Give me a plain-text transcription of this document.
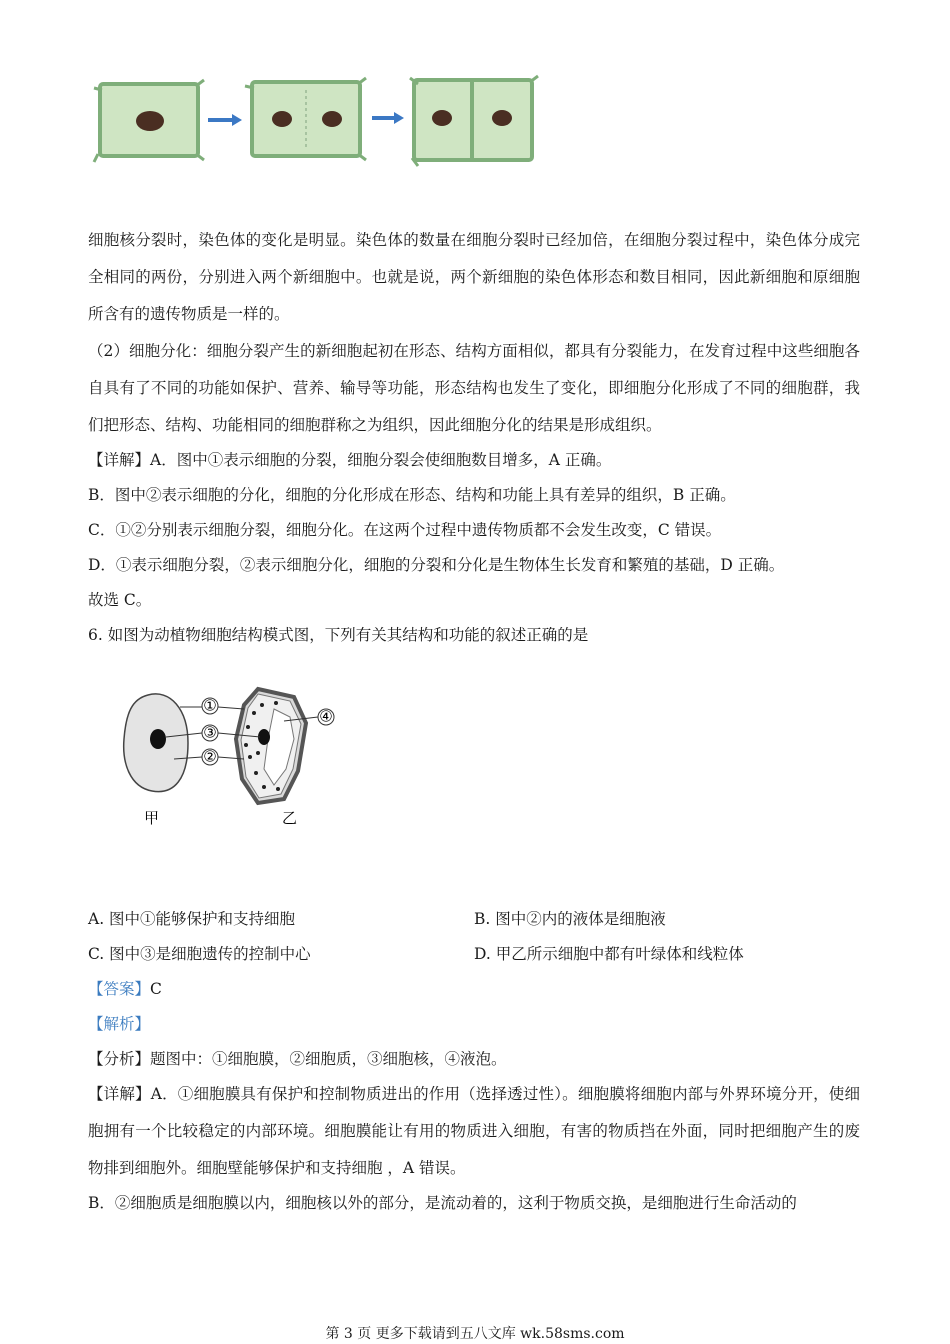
细胞核分裂时，染色体的变化是明显。染色体的数量在细胞分裂时已经加倍，在细胞分裂过程中，染色体分成完全相同的两份，分别进入两个新细胞中。也就是说，两个新细胞的染色体形态和数目相同，因此新细胞和原细胞所含有的遗传物质是一样的。

（2）细胞分化：细胞分裂产生的新细胞起初在形态、结构方面相似，都具有分裂能力，在发育过程中这些细胞各自具有了不同的功能如保护、营养、输导等功能，形态结构也发生了变化，即细胞分化形成了不同的细胞群，我们把形态、结构、功能相同的细胞群称之为组织，因此细胞分化的结果是形成组织。

【详解】A．图中①表示细胞的分裂，细胞分裂会使细胞数目增多，A 正确。

B．图中②表示细胞的分化，细胞的分化形成在形态、结构和功能上具有差异的组织，B 正确。

C．①②分别表示细胞分裂，细胞分化。在这两个过程中遗传物质都不会发生改变，C 错误。

D．①表示细胞分裂，②表示细胞分化，细胞的分裂和分化是生物体生长发育和繁殖的基础，D 正确。

故选 C。

6. 如图为动植物细胞结构模式图，下列有关其结构和功能的叙述正确的是

①
③
②
④
甲	乙
A. 图中①能够保护和支持细胞	B. 图中②内的液体是细胞液
C. 图中③是细胞遗传的控制中心	D. 甲乙所示细胞中都有叶绿体和线粒体

【答案】C

【解析】

【分析】题图中：①细胞膜，②细胞质，③细胞核，④液泡。

【详解】A．①细胞膜具有保护和控制物质进出的作用（选择透过性）。细胞膜将细胞内部与外界环境分开，使细胞拥有一个比较稳定的内部环境。细胞膜能让有用的物质进入细胞，有害的物质挡在外面，同时把细胞产生的废物排到细胞外。细胞壁能够保护和支持细胞 ，A 错误。

B．②细胞质是细胞膜以内，细胞核以外的部分，是流动着的，这利于物质交换，是细胞进行生命活动的

第 3 页 更多下载请到五八文库 wk.58sms.com
